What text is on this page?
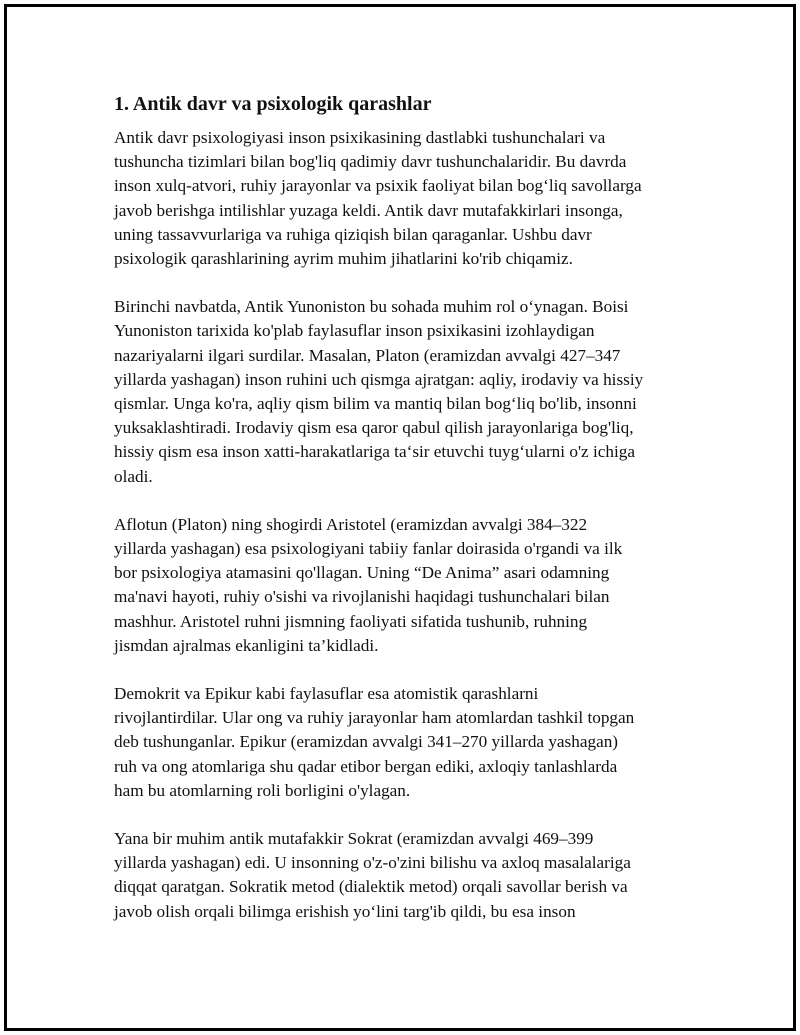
1. Antik davr va psixologik qarashlar
Antik davr psixologiyasi inson psixikasining dastlabki tushunchalari va
tushuncha tizimlari bilan bog'liq qadimiy davr tushunchalaridir. Bu davrda
inson xulq-atvori, ruhiy jarayonlar va psixik faoliyat bilan bog‘liq savollarga
javob berishga intilishlar yuzaga keldi. Antik davr mutafakkirlari insonga,
uning tassavvurlariga va ruhiga qiziqish bilan qaraganlar. Ushbu davr
psixologik qarashlarining ayrim muhim jihatlarini ko'rib chiqamiz.
Birinchi navbatda, Antik Yunoniston bu sohada muhim rol o‘ynagan. Boisi
Yunoniston tarixida ko'plab faylasuflar inson psixikasini izohlaydigan
nazariyalarni ilgari surdilar. Masalan, Platon (eramizdan avvalgi 427–347
yillarda yashagan) inson ruhini uch qismga ajratgan: aqliy, irodaviy va hissiy
qismlar. Unga ko'ra, aqliy qism bilim va mantiq bilan bog‘liq bo'lib, insonni
yuksaklashtiradi. Irodaviy qism esa qaror qabul qilish jarayonlariga bog'liq,
hissiy qism esa inson xatti-harakatlariga ta‘sir etuvchi tuyg‘ularni o'z ichiga
oladi.
Aflotun (Platon) ning shogirdi Aristotel (eramizdan avvalgi 384–322
yillarda yashagan) esa psixologiyani tabiiy fanlar doirasida o'rgandi va ilk
bor psixologiya atamasini qo'llagan. Uning “De Anima” asari odamning
ma'navi hayoti, ruhiy o'sishi va rivojlanishi haqidagi tushunchalari bilan
mashhur. Aristotel ruhni jismning faoliyati sifatida tushunib, ruhning
jismdan ajralmas ekanligini ta’kidladi.
Demokrit va Epikur kabi faylasuflar esa atomistik qarashlarni
rivojlantirdilar. Ular ong va ruhiy jarayonlar ham atomlardan tashkil topgan
deb tushunganlar. Epikur (eramizdan avvalgi 341–270 yillarda yashagan)
ruh va ong atomlariga shu qadar etibor bergan ediki, axloqiy tanlashlarda
ham bu atomlarning roli borligini o'ylagan.
Yana bir muhim antik mutafakkir Sokrat (eramizdan avvalgi 469–399
yillarda yashagan) edi. U insonning o'z-o'zini bilishu va axloq masalalariga
diqqat qaratgan. Sokratik metod (dialektik metod) orqali savollar berish va
javob olish orqali bilimga erishish yo‘lini targ'ib qildi, bu esa inson
